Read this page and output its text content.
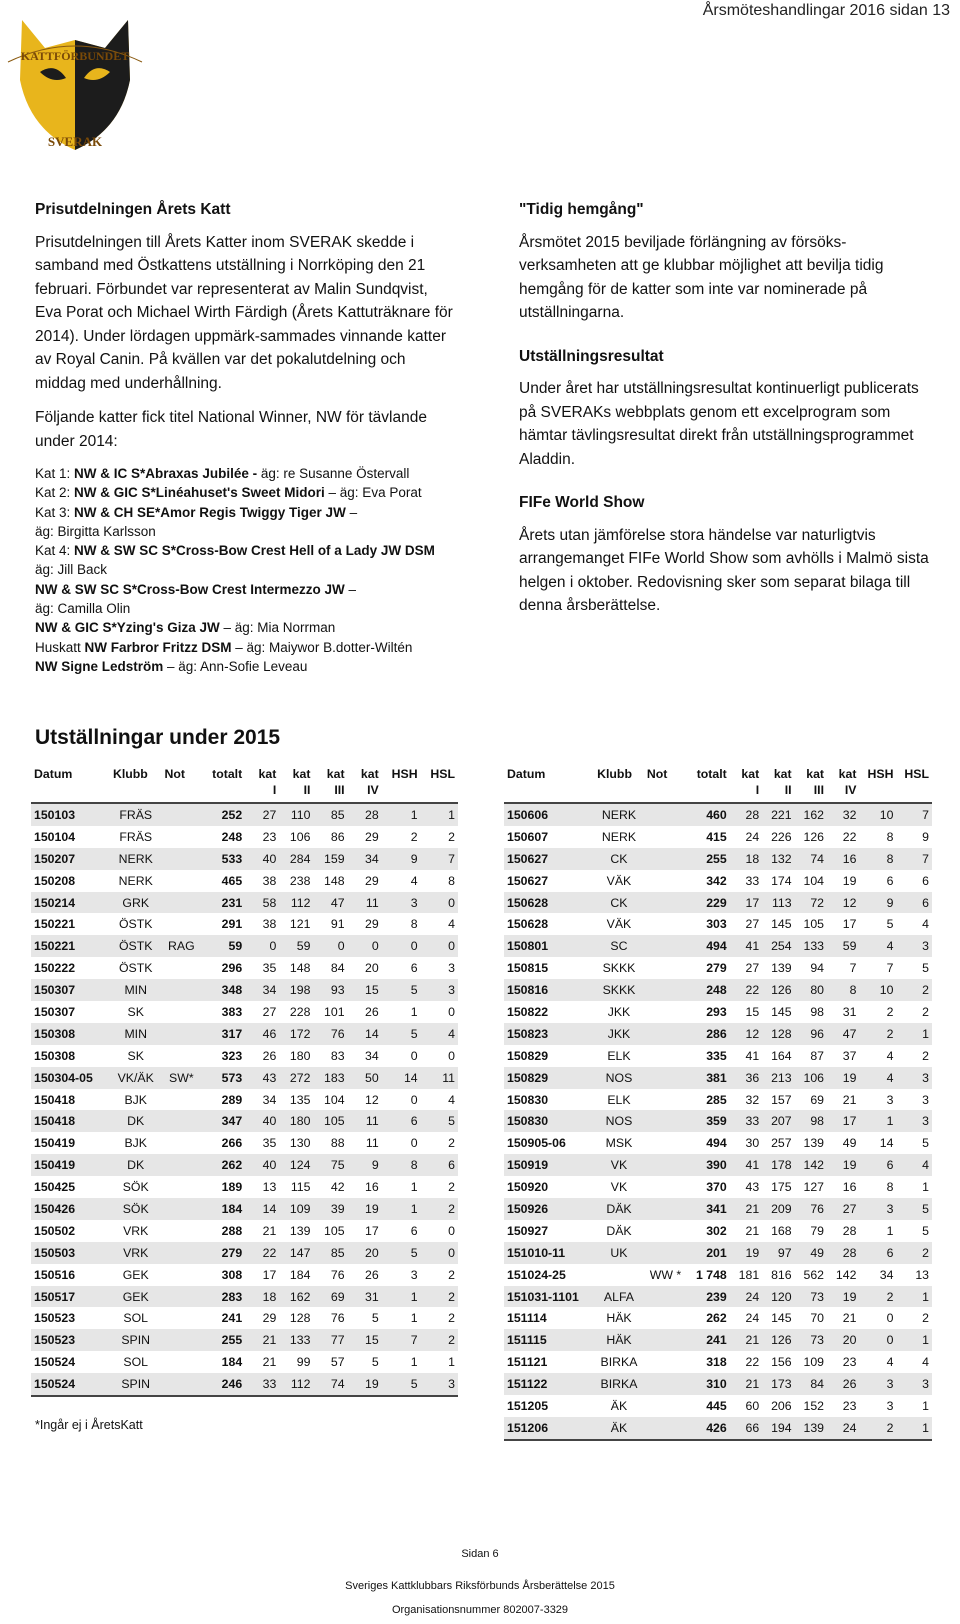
Årsmöteshandlingar 2016 sidan 13
KATTFÖRBUNDET
SVERAK
Prisutdelningen Årets Katt

Prisutdelningen till Årets Katter inom SVERAK skedde i samband med Östkattens utställning i Norrköping den 21 februari. Förbundet var representerat av Malin Sundqvist, Eva Porat och Michael Wirth Färdigh (Årets Kattuträknare för 2014). Under lördagen uppmärk-sammades vinnande katter av Royal Canin. På kvällen var det pokalutdelning och middag med underhållning.

Följande katter fick titel National Winner, NW för tävlande under 2014:

Kat 1: NW & IC S*Abraxas Jubilée - äg: re Susanne Östervall
Kat 2: NW & GIC S*Linéahuset's Sweet Midori – äg: Eva Porat
Kat 3: NW & CH SE*Amor Regis Twiggy Tiger JW –
äg: Birgitta Karlsson
Kat 4: NW & SW SC S*Cross-Bow Crest Hell of a Lady JW DSM
äg: Jill Back
NW & SW SC S*Cross-Bow Crest Intermezzo JW –
äg: Camilla Olin
NW & GIC S*Yzing's Giza JW – äg: Mia Norrman
Huskatt NW Farbror Fritzz DSM – äg: Maiywor B.dotter-Wiltén
NW Signe Ledström – äg: Ann-Sofie Leveau
"Tidig hemgång"

Årsmötet 2015 beviljade förlängning av försöks-verksamheten att ge klubbar möjlighet att bevilja tidig hemgång för de katter som inte var nominerade på utställningarna.

Utställningsresultat

Under året har utställningsresultat kontinuerligt publicerats på SVERAKs webbplats genom ett excelprogram som hämtar tävlingsresultat direkt från utställningsprogrammet Aladdin.

FIFe World Show

Årets utan jämförelse stora händelse var naturligtvis arrangemanget FIFe World Show som avhölls i Malmö sista helgen i oktober. Redovisning sker som separat bilaga till denna årsberättelse.

Utställningar under 2015
Datum	Klubb	Not	totalt	kat I	kat II	kat III	kat IV	HSH	HSL
150103	FRÄS		252	27	110	85	28	1	1
150104	FRÄS		248	23	106	86	29	2	2
150207	NERK		533	40	284	159	34	9	7
150208	NERK		465	38	238	148	29	4	8
150214	GRK		231	58	112	47	11	3	0
150221	ÖSTK		291	38	121	91	29	8	4
150221	ÖSTK	RAG	59	0	59	0	0	0	0
150222	ÖSTK		296	35	148	84	20	6	3
150307	MIN		348	34	198	93	15	5	3
150307	SK		383	27	228	101	26	1	0
150308	MIN		317	46	172	76	14	5	4
150308	SK		323	26	180	83	34	0	0
150304-05	VK/ÄK	SW*	573	43	272	183	50	14	11
150418	BJK		289	34	135	104	12	0	4
150418	DK		347	40	180	105	11	6	5
150419	BJK		266	35	130	88	11	0	2
150419	DK		262	40	124	75	9	8	6
150425	SÖK		189	13	115	42	16	1	2
150426	SÖK		184	14	109	39	19	1	2
150502	VRK		288	21	139	105	17	6	0
150503	VRK		279	22	147	85	20	5	0
150516	GEK		308	17	184	76	26	3	2
150517	GEK		283	18	162	69	31	1	2
150523	SOL		241	29	128	76	5	1	2
150523	SPIN		255	21	133	77	15	7	2
150524	SOL		184	21	99	57	5	1	1
150524	SPIN		246	33	112	74	19	5	3
Datum	Klubb	Not	totalt	kat I	kat II	kat III	kat IV	HSH	HSL
150606	NERK		460	28	221	162	32	10	7
150607	NERK		415	24	226	126	22	8	9
150627	CK		255	18	132	74	16	8	7
150627	VÄK		342	33	174	104	19	6	6
150628	CK		229	17	113	72	12	9	6
150628	VÄK		303	27	145	105	17	5	4
150801	SC		494	41	254	133	59	4	3
150815	SKKK		279	27	139	94	7	7	5
150816	SKKK		248	22	126	80	8	10	2
150822	JKK		293	15	145	98	31	2	2
150823	JKK		286	12	128	96	47	2	1
150829	ELK		335	41	164	87	37	4	2
150829	NOS		381	36	213	106	19	4	3
150830	ELK		285	32	157	69	21	3	3
150830	NOS		359	33	207	98	17	1	3
150905-06	MSK		494	30	257	139	49	14	5
150919	VK		390	41	178	142	19	6	4
150920	VK		370	43	175	127	16	8	1
150926	DÄK		341	21	209	76	27	3	5
150927	DÄK		302	21	168	79	28	1	5
151010-11	UK		201	19	97	49	28	6	2
151024-25		WW *	1 748	181	816	562	142	34	13
151031-1101	ALFA		239	24	120	73	19	2	1
151114	HÄK		262	24	145	70	21	0	2
151115	HÄK		241	21	126	73	20	0	1
151121	BIRKA		318	22	156	109	23	4	4
151122	BIRKA		310	21	173	84	26	3	3
151205	ÄK		445	60	206	152	23	3	1
151206	ÄK		426	66	194	139	24	2	1
*Ingår ej i ÅretsKatt
Sidan 6
Sveriges Kattklubbars Riksförbunds Årsberättelse 2015
Organisationsnummer 802007-3329
